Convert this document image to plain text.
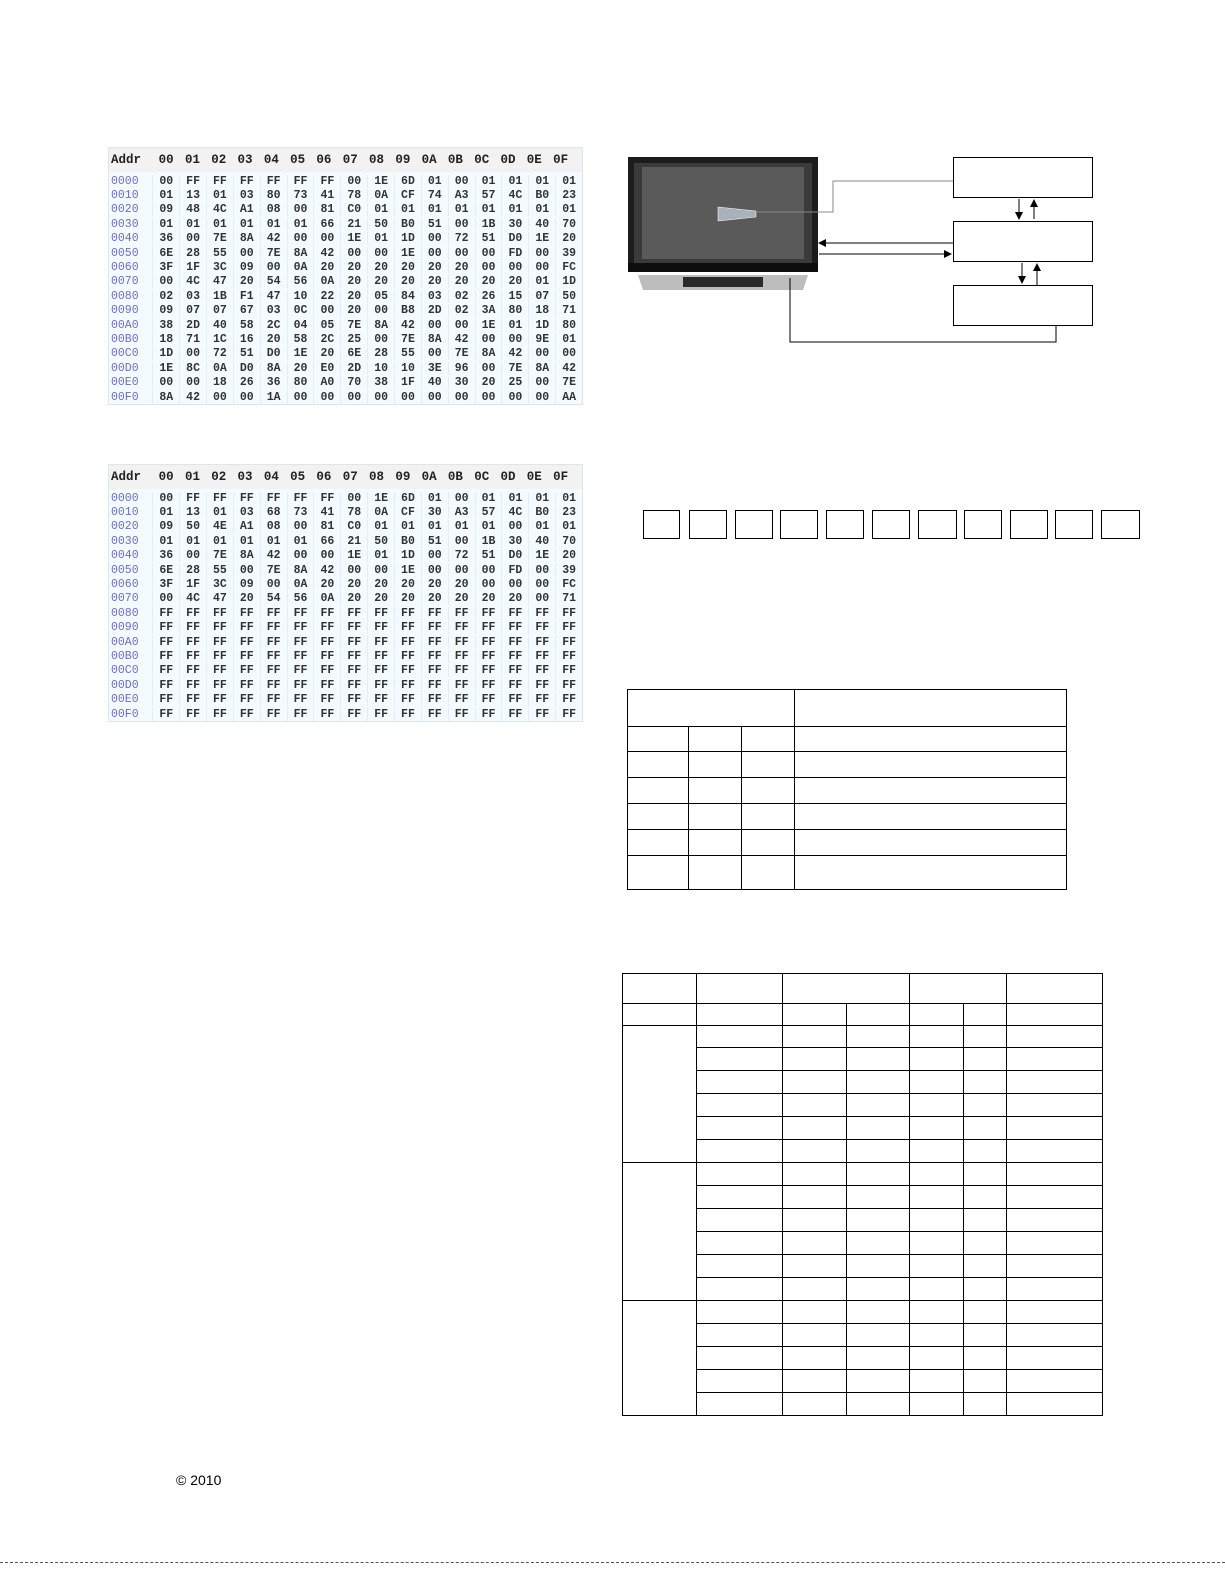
Addr	00 01 02 03 04 05 06 07 08 09 0A 0B 0C 0D 0E 0F
0000	00	FF	FF	FF	FF	FF	FF	00	1E	6D	01	00	01	01	01	01
0010	01	13	01	03	80	73	41	78	0A	CF	74	A3	57	4C	B0	23
0020	09	48	4C	A1	08	00	81	C0	01	01	01	01	01	01	01	01
0030	01	01	01	01	01	01	66	21	50	B0	51	00	1B	30	40	70
0040	36	00	7E	8A	42	00	00	1E	01	1D	00	72	51	D0	1E	20
0050	6E	28	55	00	7E	8A	42	00	00	1E	00	00	00	FD	00	39
0060	3F	1F	3C	09	00	0A	20	20	20	20	20	20	00	00	00	FC
0070	00	4C	47	20	54	56	0A	20	20	20	20	20	20	20	01	1D
0080	02	03	1B	F1	47	10	22	20	05	84	03	02	26	15	07	50
0090	09	07	07	67	03	0C	00	20	00	B8	2D	02	3A	80	18	71
00A0	38	2D	40	58	2C	04	05	7E	8A	42	00	00	1E	01	1D	80
00B0	18	71	1C	16	20	58	2C	25	00	7E	8A	42	00	00	9E	01
00C0	1D	00	72	51	D0	1E	20	6E	28	55	00	7E	8A	42	00	00
00D0	1E	8C	0A	D0	8A	20	E0	2D	10	10	3E	96	00	7E	8A	42
00E0	00	00	18	26	36	80	A0	70	38	1F	40	30	20	25	00	7E
00F0	8A	42	00	00	1A	00	00	00	00	00	00	00	00	00	00	AA
Addr	00 01 02 03 04 05 06 07 08 09 0A 0B 0C 0D 0E 0F
0000	00	FF	FF	FF	FF	FF	FF	00	1E	6D	01	00	01	01	01	01
0010	01	13	01	03	68	73	41	78	0A	CF	30	A3	57	4C	B0	23
0020	09	50	4E	A1	08	00	81	C0	01	01	01	01	01	00	01	01
0030	01	01	01	01	01	01	66	21	50	B0	51	00	1B	30	40	70
0040	36	00	7E	8A	42	00	00	1E	01	1D	00	72	51	D0	1E	20
0050	6E	28	55	00	7E	8A	42	00	00	1E	00	00	00	FD	00	39
0060	3F	1F	3C	09	00	0A	20	20	20	20	20	20	00	00	00	FC
0070	00	4C	47	20	54	56	0A	20	20	20	20	20	20	20	00	71
0080	FF	FF	FF	FF	FF	FF	FF	FF	FF	FF	FF	FF	FF	FF	FF	FF
0090	FF	FF	FF	FF	FF	FF	FF	FF	FF	FF	FF	FF	FF	FF	FF	FF
00A0	FF	FF	FF	FF	FF	FF	FF	FF	FF	FF	FF	FF	FF	FF	FF	FF
00B0	FF	FF	FF	FF	FF	FF	FF	FF	FF	FF	FF	FF	FF	FF	FF	FF
00C0	FF	FF	FF	FF	FF	FF	FF	FF	FF	FF	FF	FF	FF	FF	FF	FF
00D0	FF	FF	FF	FF	FF	FF	FF	FF	FF	FF	FF	FF	FF	FF	FF	FF
00E0	FF	FF	FF	FF	FF	FF	FF	FF	FF	FF	FF	FF	FF	FF	FF	FF
00F0	FF	FF	FF	FF	FF	FF	FF	FF	FF	FF	FF	FF	FF	FF	FF	FF

© 2010
